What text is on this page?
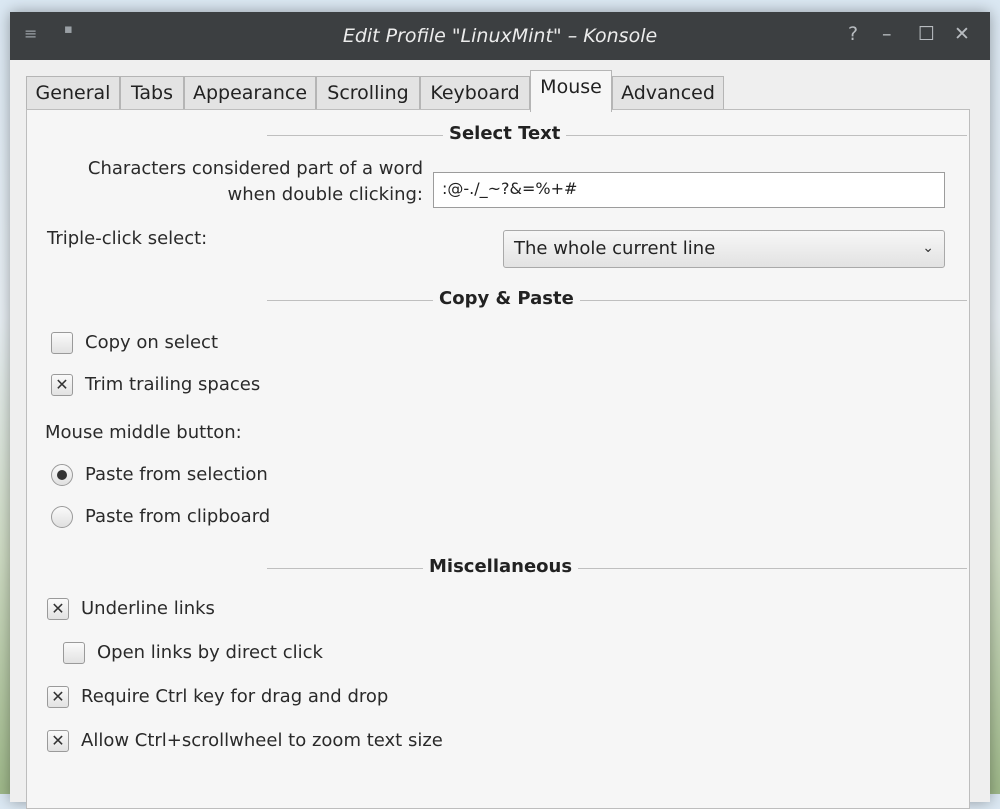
≡ ▪	Edit Profile "LinuxMint" – Konsole	? – ☐ ✕
General	Tabs	Appearance	Scrolling	Keyboard	Mouse	Advanced
Select Text
Characters considered part of a word
when double clicking:	:@-./_~?&=%+#
Triple-click select:	The whole current line	⌄
Copy & Paste
Copy on select
✕ Trim trailing spaces
Mouse middle button:
Paste from selection
Paste from clipboard
Miscellaneous
✕ Underline links
Open links by direct click
✕ Require Ctrl key for drag and drop
✕ Allow Ctrl+scrollwheel to zoom text size
